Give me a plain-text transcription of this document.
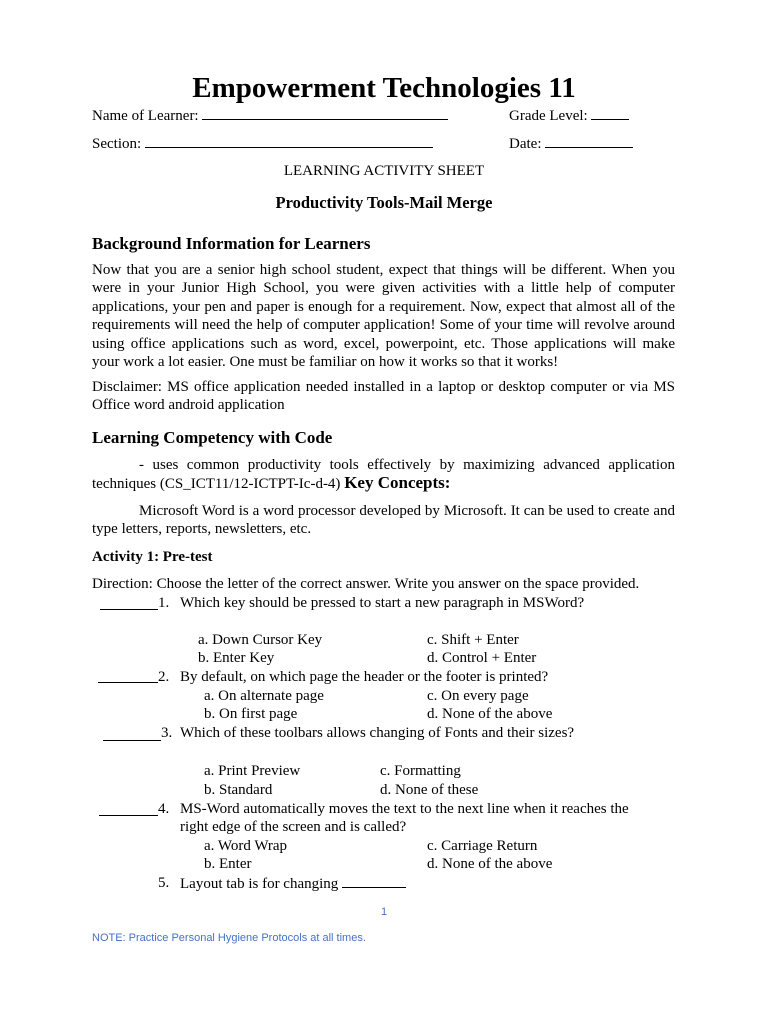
Empowerment Technologies 11
Name of Learner:	Grade Level:
Section:	Date:
LEARNING ACTIVITY SHEET
Productivity Tools-Mail Merge
Background Information for Learners
Now that you are a senior high school student, expect that things will be different. When you were in your Junior High School, you were given activities with a little help of computer applications, your pen and paper is enough for a requirement. Now, expect that almost all of the requirements will need the help of computer application! Some of your time will revolve around using office applications such as word, excel, powerpoint, etc. Those applications will make your work a lot easier. One must be familiar on how it works so that it works!
Disclaimer: MS office application needed installed in a laptop or desktop computer or via MS Office word android application
Learning Competency with Code
- uses common productivity tools effectively by maximizing advanced application techniques (CS_ICT11/12-ICTPT-Ic-d-4) Key Concepts:
Microsoft Word is a word processor developed by Microsoft. It can be used to create and type letters, reports, newsletters, etc.
Activity 1: Pre-test
Direction: Choose the letter of the correct answer. Write you answer on the space provided.
1. Which key should be pressed to start a new paragraph in MSWord?
a. Down Cursor Key	c. Shift + Enter
b. Enter Key	d. Control + Enter
2. By default, on which page the header or the footer is printed?
a. On alternate page	c. On every page
b. On first page	d. None of the above
3. Which of these toolbars allows changing of Fonts and their sizes?
a. Print Preview	c. Formatting
b. Standard	d. None of these
4. MS-Word automatically moves the text to the next line when it reaches the
right edge of the screen and is called?
a. Word Wrap	c. Carriage Return
b. Enter	d. None of the above
5. Layout tab is for changing
1
NOTE: Practice Personal Hygiene Protocols at all times.
